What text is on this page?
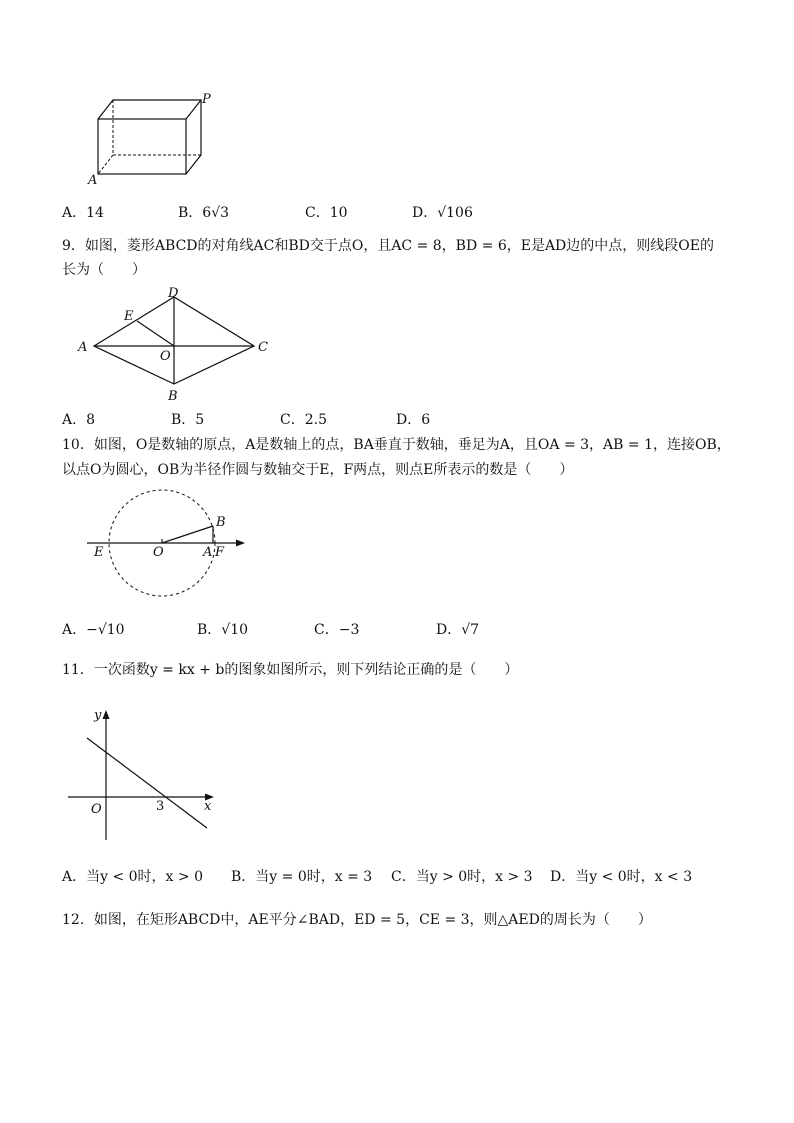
P
A
A．14	B．6√3	C．10	D．√106
9．如图，菱形ABCD的对角线AC和BD交于点O，且AC = 8，BD = 6，E是AD边的中点，则线段OE的
长为（　　）
A
B
C
D
E
O
A．8	B．5	C．2.5	D．6
10．如图，O是数轴的原点，A是数轴上的点，BA垂直于数轴，垂足为A，且OA = 3，AB = 1，连接OB，
以点O为圆心，OB为半径作圆与数轴交于E，F两点，则点E所表示的数是（　　）
E	O	A F
B
A．−√10	B．√10	C．−3	D．√7
11．一次函数y = kx + b的图象如图所示，则下列结论正确的是（　　）
y
x
O	3
A．当y < 0时，x > 0 B．当y = 0时，x = 3 C．当y > 0时，x > 3 D．当y < 0时，x < 3
12．如图，在矩形ABCD中，AE平分∠BAD，ED = 5，CE = 3，则△AED的周长为（　　）
